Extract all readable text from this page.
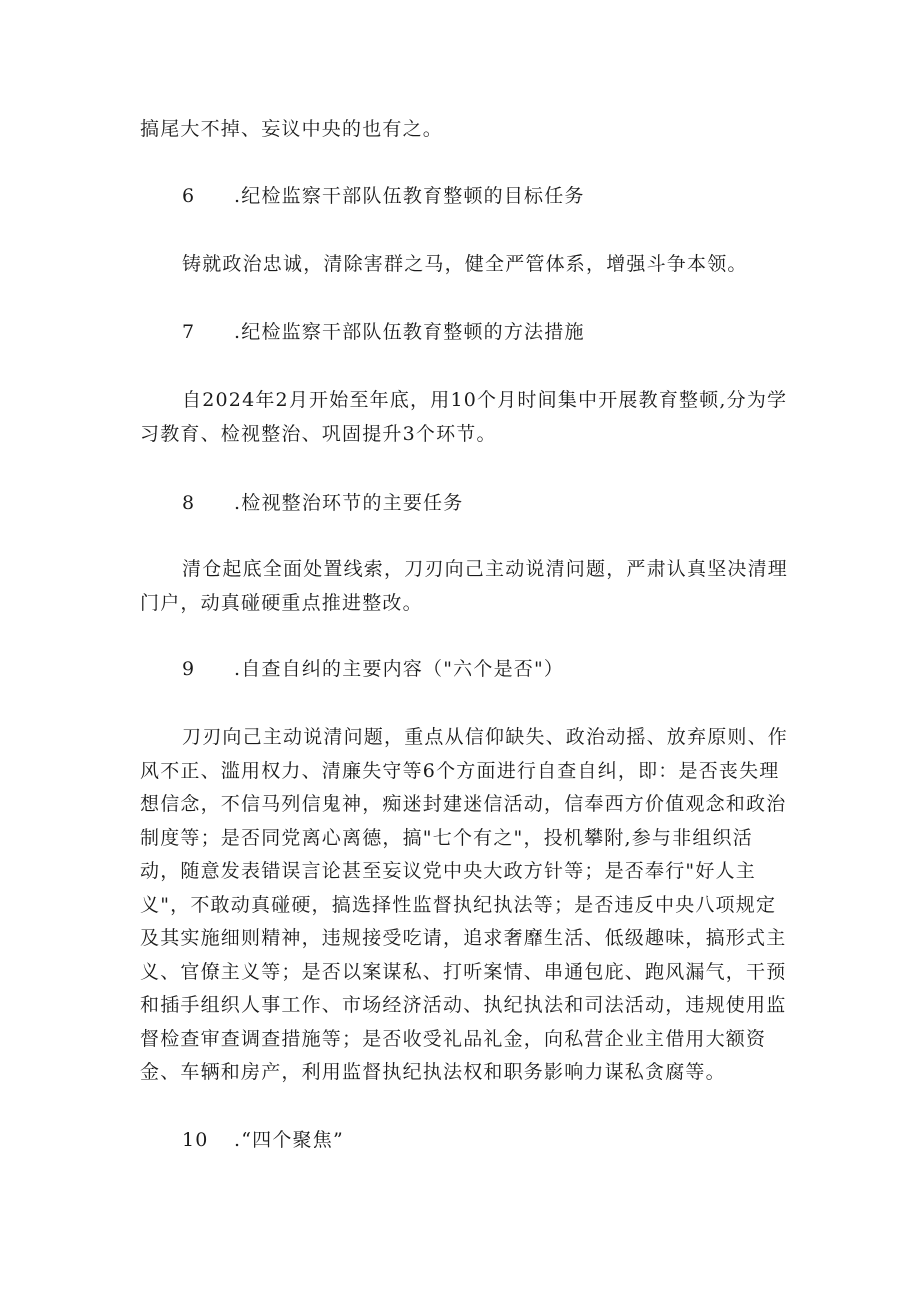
搞尾大不掉、妄议中央的也有之。

6 .纪检监察干部队伍教育整顿的目标任务

铸就政治忠诚，清除害群之马，健全严管体系，增强斗争本领。

7 .纪检监察干部队伍教育整顿的方法措施

自2024年2月开始至年底，用10个月时间集中开展教育整顿,分为学习教育、检视整治、巩固提升3个环节。

8 .检视整治环节的主要任务

清仓起底全面处置线索，刀刃向己主动说清问题，严肃认真坚决清理门户，动真碰硬重点推进整改。

9 .自查自纠的主要内容（"六个是否"）

刀刃向己主动说清问题，重点从信仰缺失、政治动摇、放弃原则、作风不正、滥用权力、清廉失守等6个方面进行自查自纠，即：是否丧失理想信念，不信马列信鬼神，痴迷封建迷信活动，信奉西方价值观念和政治制度等；是否同党离心离德，搞"七个有之"，投机攀附,参与非组织活动，随意发表错误言论甚至妄议党中央大政方针等；是否奉行"好人主义"，不敢动真碰硬，搞选择性监督执纪执法等；是否违反中央八项规定及其实施细则精神，违规接受吃请，追求奢靡生活、低级趣味，搞形式主义、官僚主义等；是否以案谋私、打听案情、串通包庇、跑风漏气，干预和插手组织人事工作、市场经济活动、执纪执法和司法活动，违规使用监督检查审查调查措施等；是否收受礼品礼金，向私营企业主借用大额资金、车辆和房产，利用监督执纪执法权和职务影响力谋私贪腐等。

10 .“四个聚焦”
